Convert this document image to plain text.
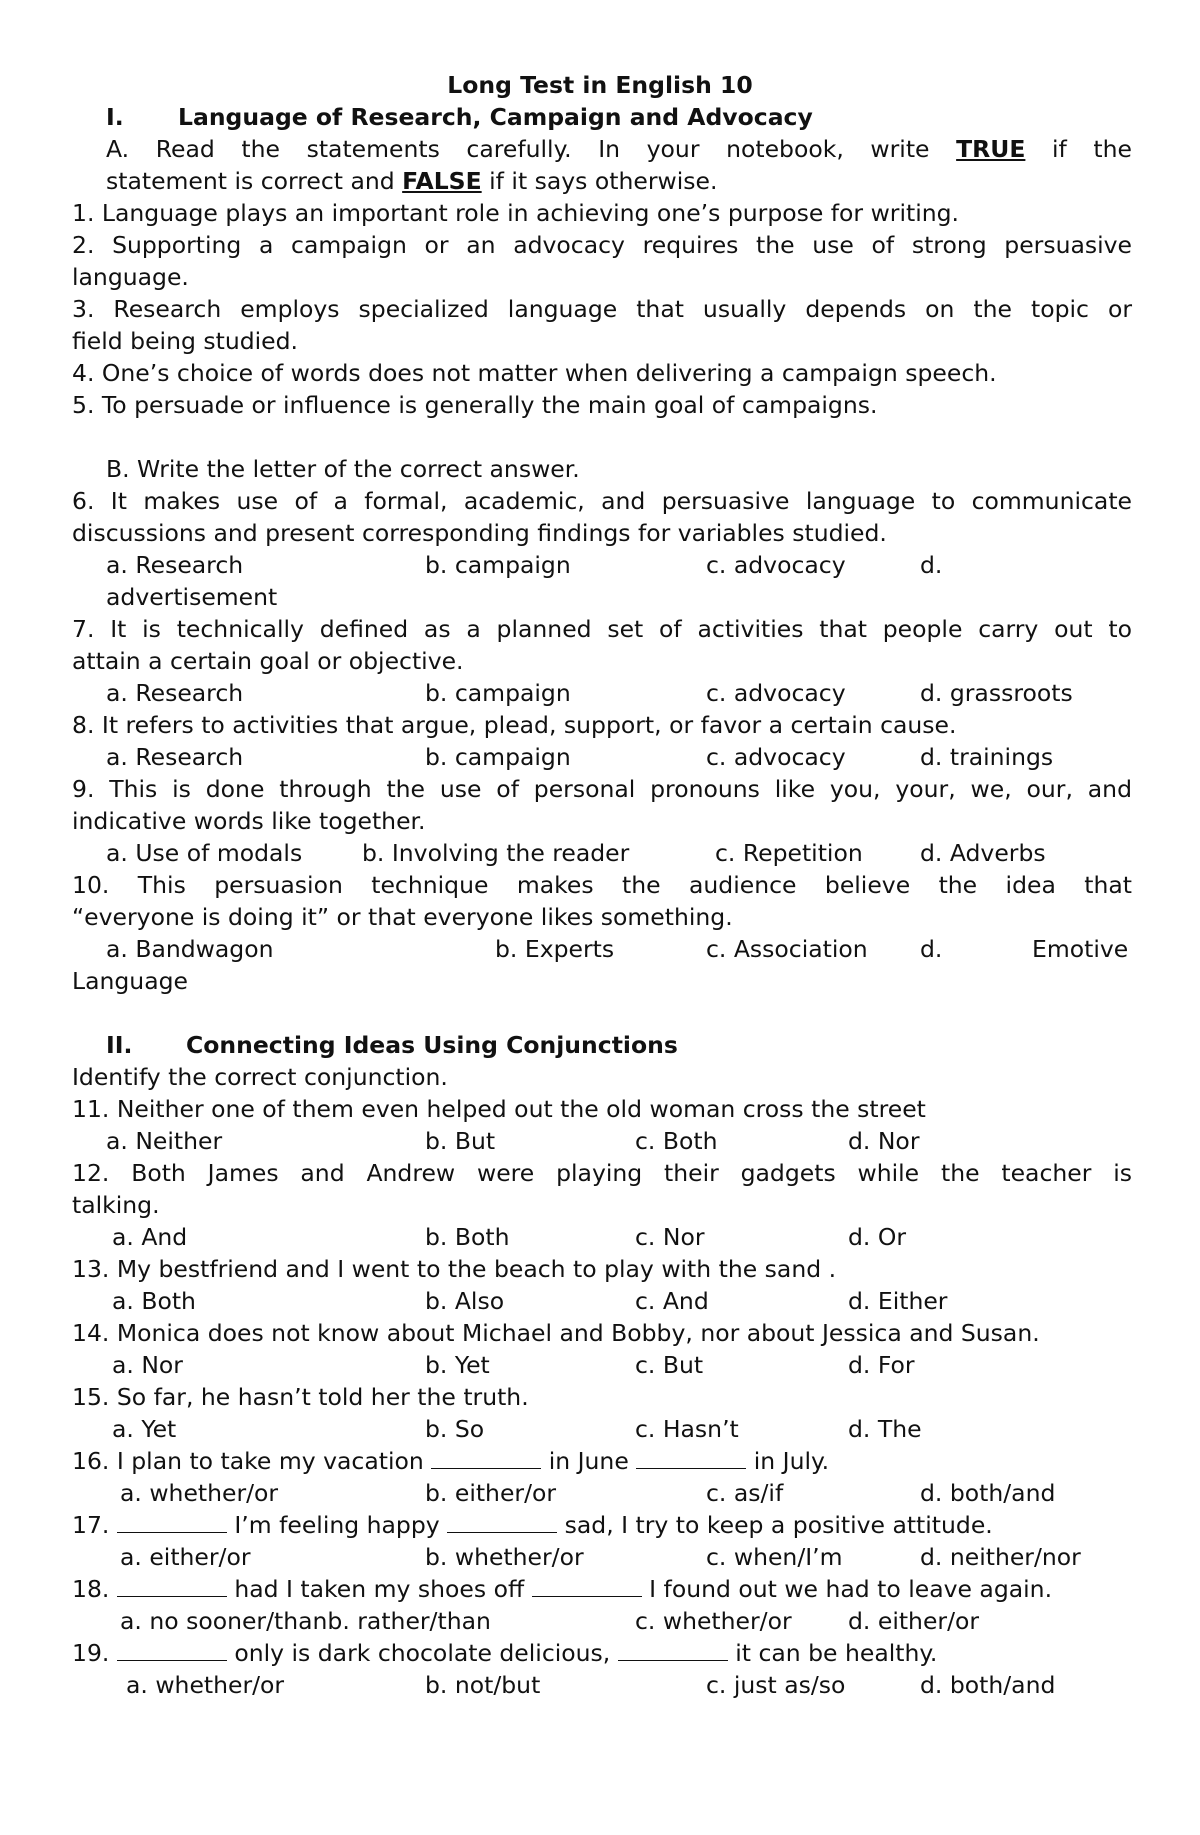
Long Test in English 10
I. Language of Research, Campaign and Advocacy
A. Read the statements carefully. In your notebook, write TRUE if the
statement is correct and FALSE if it says otherwise.
1. Language plays an important role in achieving one’s purpose for writing.
2. Supporting a campaign or an advocacy requires the use of strong persuasive
language.
3. Research employs specialized language that usually depends on the topic or
field being studied.
4. One’s choice of words does not matter when delivering a campaign speech.
5. To persuade or influence is generally the main goal of campaigns.
B. Write the letter of the correct answer.
6. It makes use of a formal, academic, and persuasive language to communicate
discussions and present corresponding findings for variables studied.
a. Research	b. campaign	c. advocacy	d.
advertisement
7. It is technically defined as a planned set of activities that people carry out to
attain a certain goal or objective.
a. Research	b. campaign	c. advocacy	d. grassroots
8. It refers to activities that argue, plead, support, or favor a certain cause.
a. Research	b. campaign	c. advocacy	d. trainings
9. This is done through the use of personal pronouns like you, your, we, our, and
indicative words like together.
a. Use of modals	b. Involving the reader	c. Repetition d. Adverbs
10. This persuasion technique makes the audience believe the idea that
“everyone is doing it” or that everyone likes something.
a. Bandwagon	b. Experts	c. Association d.	Emotive
Language
II. Connecting Ideas Using Conjunctions
Identify the correct conjunction.
11. Neither one of them even helped out the old woman cross the street
a. Neither	b. But	c. Both	d. Nor
12. Both James and Andrew were playing their gadgets while the teacher is
talking.
a. And	b. Both	c. Nor	d. Or
13. My bestfriend and I went to the beach to play with the sand .
a. Both	b. Also	c. And	d. Either
14. Monica does not know about Michael and Bobby, nor about Jessica and Susan.
a. Nor	b. Yet	c. But	d. For
15. So far, he hasn’t told her the truth.
a. Yet	b. So	c. Hasn’t	d. The
16. I plan to take my vacation	in June	in July.
a. whether/or	b. either/or	c. as/if	d. both/and
17.	I’m feeling happy	sad, I try to keep a positive attitude.
a. either/or	b. whether/or	c. when/I’m	d. neither/nor
18.	had I taken my shoes off	I found out we had to leave again.
a. no sooner/thanb. rather/than	c. whether/or d. either/or
19.	only is dark chocolate delicious,	it can be healthy.
a. whether/or	b. not/but	c. just as/so	d. both/and
